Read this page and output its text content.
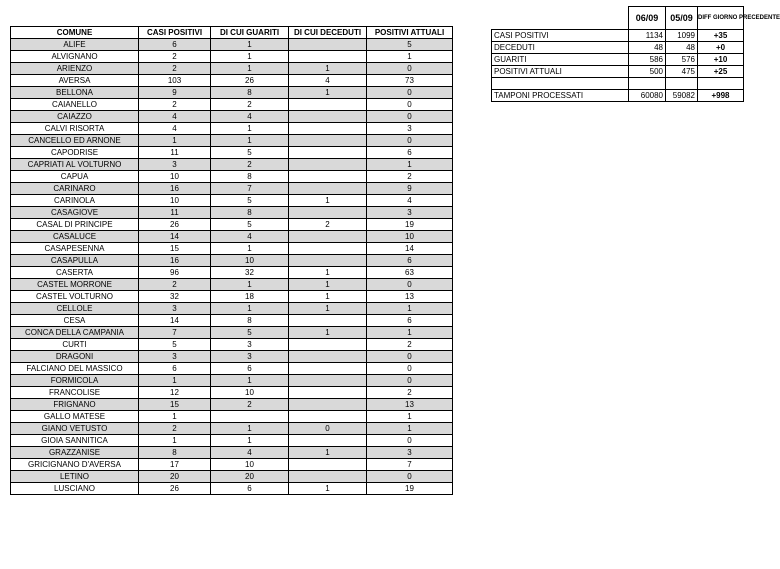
	06/09	05/09	DIFF GIORNO PRECEDENTE
CASI POSITIVI	1134	1099	+35
DECEDUTI	48	48	+0
GUARITI	586	576	+10
POSITIVI ATTUALI	500	475	+25

TAMPONI PROCESSATI	60080	59082	+998
COMUNE	CASI POSITIVI	DI CUI GUARITI	DI CUI DECEDUTI	POSITIVI ATTUALI
ALIFE	6	1		5
ALVIGNANO	2	1		1
ARIENZO	2	1	1	0
AVERSA	103	26	4	73
BELLONA	9	8	1	0
CAIANELLO	2	2		0
CAIAZZO	4	4		0
CALVI RISORTA	4	1		3
CANCELLO ED ARNONE	1	1		0
CAPODRISE	11	5		6
CAPRIATI AL VOLTURNO	3	2		1
CAPUA	10	8		2
CARINARO	16	7		9
CARINOLA	10	5	1	4
CASAGIOVE	11	8		3
CASAL DI PRINCIPE	26	5	2	19
CASALUCE	14	4		10
CASAPESENNA	15	1		14
CASAPULLA	16	10		6
CASERTA	96	32	1	63
CASTEL MORRONE	2	1	1	0
CASTEL VOLTURNO	32	18	1	13
CELLOLE	3	1	1	1
CESA	14	8		6
CONCA DELLA CAMPANIA	7	5	1	1
CURTI	5	3		2
DRAGONI	3	3		0
FALCIANO DEL MASSICO	6	6		0
FORMICOLA	1	1		0
FRANCOLISE	12	10		2
FRIGNANO	15	2		13
GALLO MATESE	1			1
GIANO VETUSTO	2	1	0	1
GIOIA SANNITICA	1	1		0
GRAZZANISE	8	4	1	3
GRICIGNANO D'AVERSA	17	10		7
LETINO	20	20		0
LUSCIANO	26	6	1	19
